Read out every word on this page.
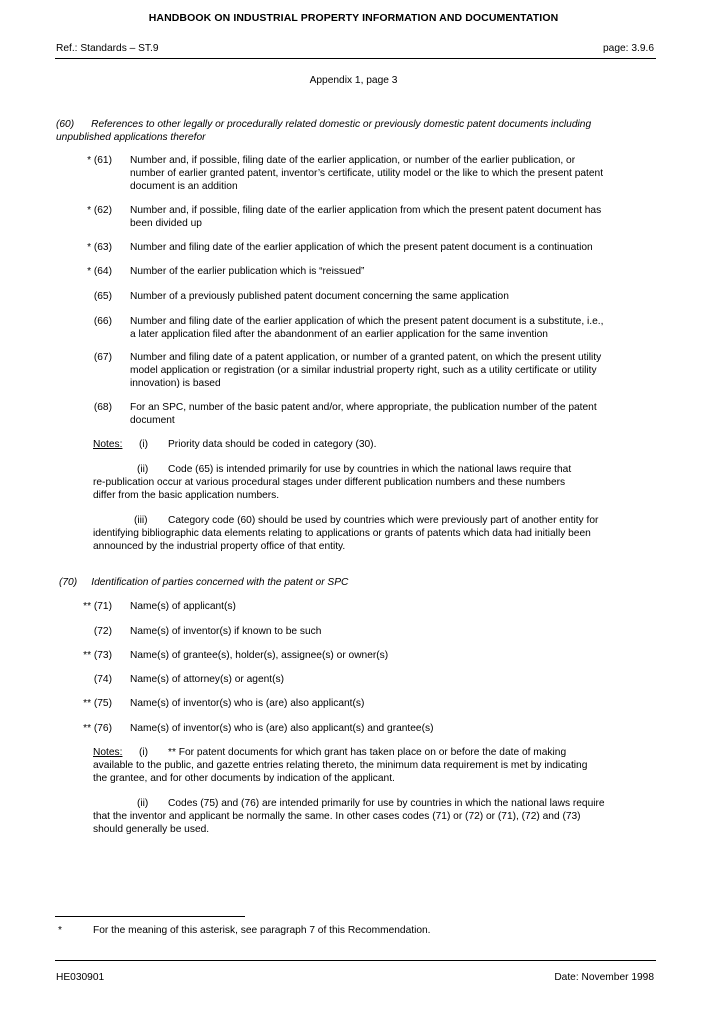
HANDBOOK ON INDUSTRIAL PROPERTY INFORMATION AND DOCUMENTATION
Ref.: Standards – ST.9	page: 3.9.6
Appendix 1, page 3
(60)      References to other legally or procedurally related domestic or previously domestic patent documents including
unpublished applications therefor
* (61) Number and, if possible, filing date of the earlier application, or number of the earlier publication, or
number of earlier granted patent, inventor’s certificate, utility model or the like to which the present patent
document is an addition
* (62) Number and, if possible, filing date of the earlier application from which the present patent document has
been divided up
* (63) Number and filing date of the earlier application of which the present patent document is a continuation
* (64) Number of the earlier publication which is “reissued”
(65) Number of a previously published patent document concerning the same application
(66) Number and filing date of the earlier application of which the present patent document is a substitute, i.e.,
a later application filed after the abandonment of an earlier application for the same invention
(67) Number and filing date of a patent application, or number of a granted patent, on which the present utility
model application or registration (or a similar industrial property right, such as a utility certificate or utility
innovation) is based
(68) For an SPC, number of the basic patent and/or, where appropriate, the publication number of the patent
document
Notes: (i) Priority data should be coded in category (30).
(ii) Code (65) is intended primarily for use by countries in which the national laws require that
re-publication occur at various procedural stages under different publication numbers and these numbers
differ from the basic application numbers.
(iii) Category code (60) should be used by countries which were previously part of another entity for
identifying bibliographic data elements relating to applications or grants of patents which data had initially been
announced by the industrial property office of that entity.
(70)     Identification of parties concerned with the patent or SPC
** (71) Name(s) of applicant(s)
(72) Name(s) of inventor(s) if known to be such
** (73) Name(s) of grantee(s), holder(s), assignee(s) or owner(s)
(74) Name(s) of attorney(s) or agent(s)
** (75) Name(s) of inventor(s) who is (are) also applicant(s)
** (76) Name(s) of inventor(s) who is (are) also applicant(s) and grantee(s)
Notes: (i) ** For patent documents for which grant has taken place on or before the date of making
available to the public, and gazette entries relating thereto, the minimum data requirement is met by indicating
the grantee, and for other documents by indication of the applicant.
(ii) Codes (75) and (76) are intended primarily for use by countries in which the national laws require
that the inventor and applicant be normally the same. In other cases codes (71) or (72) or (71), (72) and (73)
should generally be used.
*	For the meaning of this asterisk, see paragraph 7 of this Recommendation.
HE030901	Date: November 1998
